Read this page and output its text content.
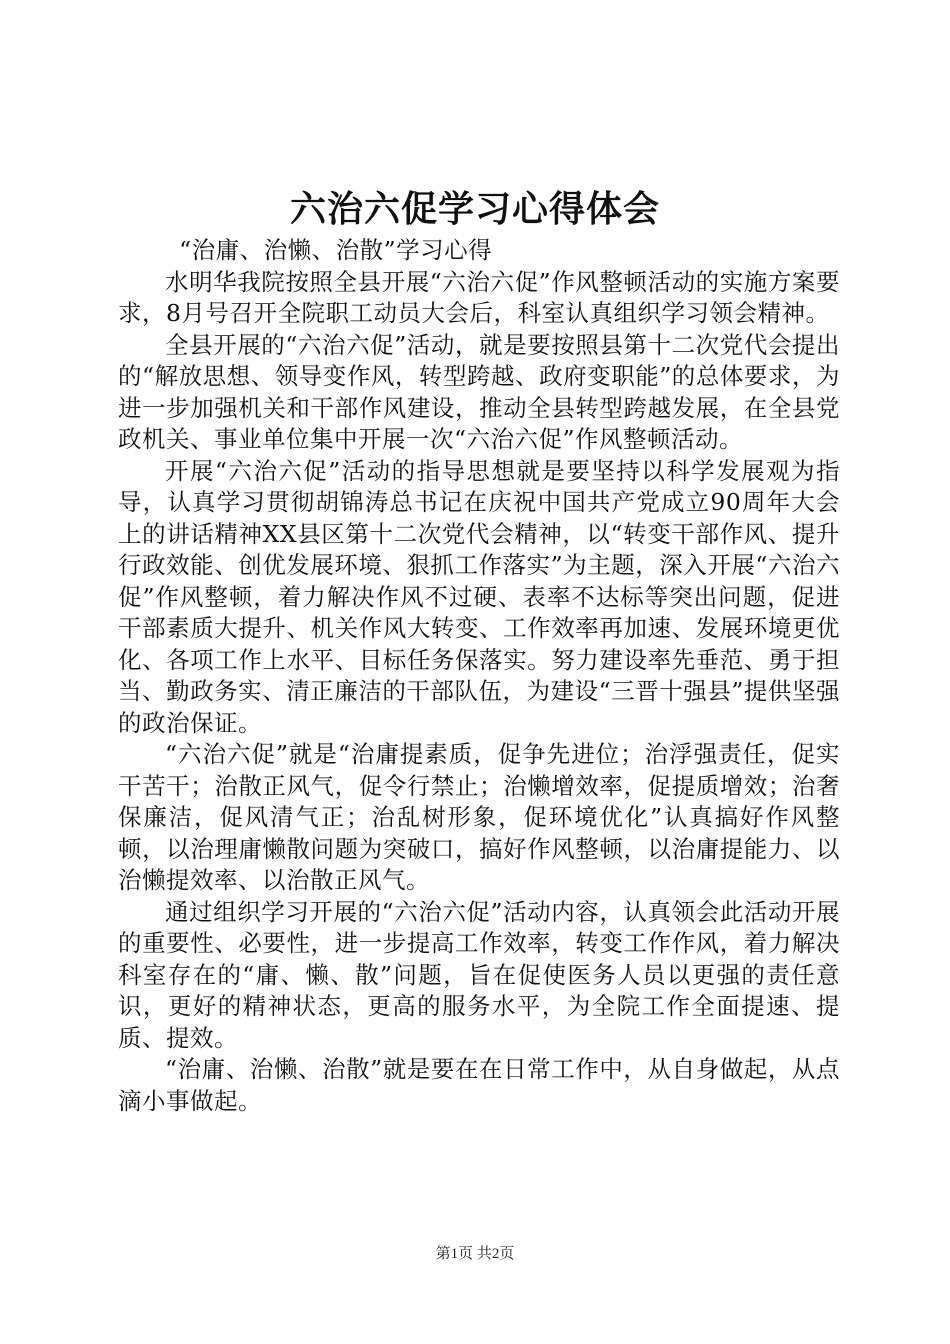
六治六促学习心得体会

“治庸、治懒、治散”学习心得

水明华我院按照全县开展“六治六促”作风整顿活动的实施方案要求，8月号召开全院职工动员大会后，科室认真组织学习领会精神。

全县开展的“六治六促”活动，就是要按照县第十二次党代会提出的“解放思想、领导变作风，转型跨越、政府变职能”的总体要求，为进一步加强机关和干部作风建设，推动全县转型跨越发展，在全县党政机关、事业单位集中开展一次“六治六促”作风整顿活动。

开展“六治六促”活动的指导思想就是要坚持以科学发展观为指导，认真学习贯彻胡锦涛总书记在庆祝中国共产党成立90周年大会上的讲话精神XX县区第十二次党代会精神，以“转变干部作风、提升行政效能、创优发展环境、狠抓工作落实”为主题，深入开展“六治六促”作风整顿，着力解决作风不过硬、表率不达标等突出问题，促进干部素质大提升、机关作风大转变、工作效率再加速、发展环境更优化、各项工作上水平、目标任务保落实。努力建设率先垂范、勇于担当、勤政务实、清正廉洁的干部队伍，为建设“三晋十强县”提供坚强的政治保证。

“六治六促”就是“治庸提素质，促争先进位；治浮强责任，促实干苦干；治散正风气，促令行禁止；治懒增效率，促提质增效；治奢保廉洁，促风清气正；治乱树形象，促环境优化”认真搞好作风整顿，以治理庸懒散问题为突破口，搞好作风整顿，以治庸提能力、以治懒提效率、以治散正风气。

通过组织学习开展的“六治六促”活动内容，认真领会此活动开展的重要性、必要性，进一步提高工作效率，转变工作作风，着力解决科室存在的“庸、懒、散”问题，旨在促使医务人员以更强的责任意识，更好的精神状态，更高的服务水平，为全院工作全面提速、提质、提效。

“治庸、治懒、治散”就是要在在日常工作中，从自身做起，从点滴小事做起。

第1页 共2页
